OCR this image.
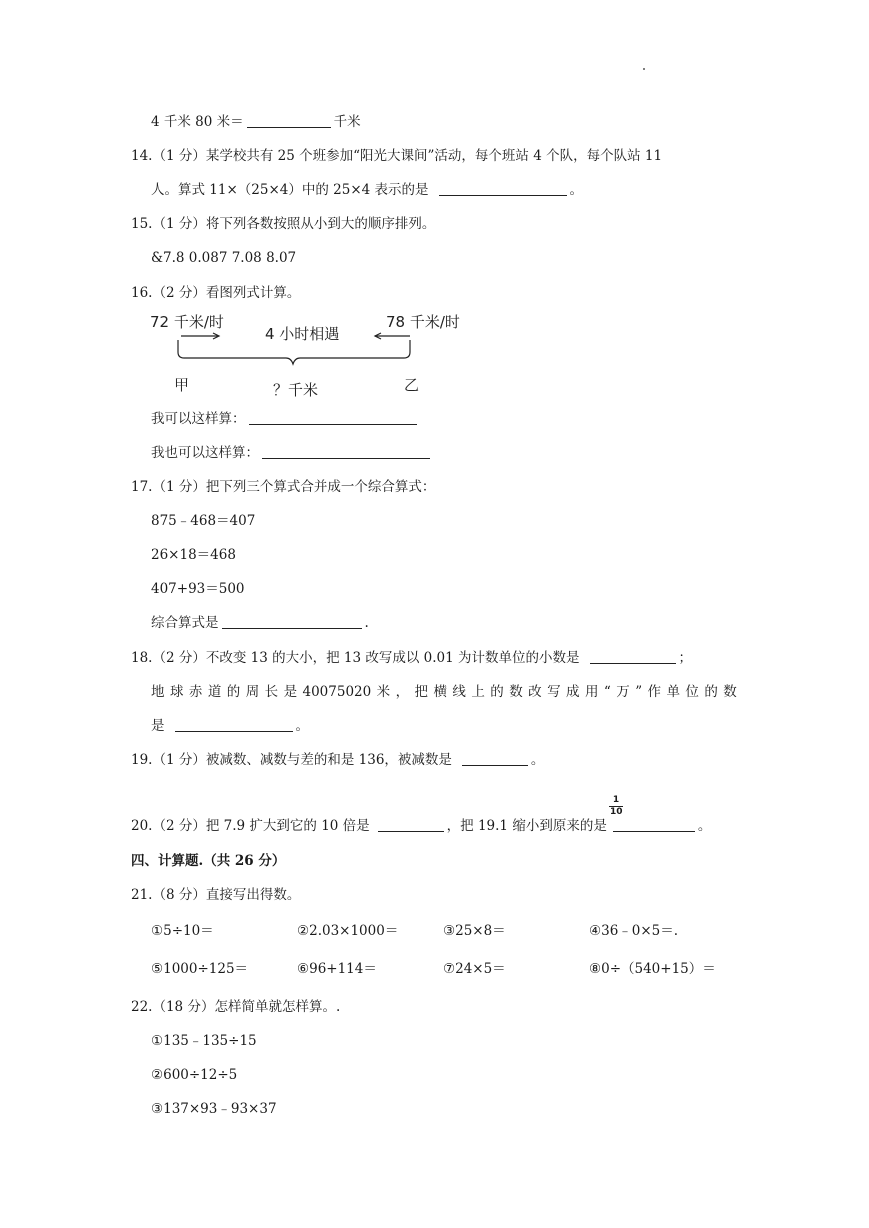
4 千米 80 米＝	千米
14.（1 分）某学校共有 25 个班参加“阳光大课间”活动，每个班站 4 个队，每个队站 11
人。算式 11×（25×4）中的 25×4 表示的是	。
15.（1 分）将下列各数按照从小到大的顺序排列。
&7.8 0.087 7.08 8.07
16.（2 分）看图列式计算。
72 千米/时
4 小时相遇
78 千米/时
甲	？千米	乙
我可以这样算：
我也可以这样算：
17.（1 分）把下列三个算式合并成一个综合算式：
875﹣468＝407
26×18＝468
407+93＝500
综合算式是	.
18.（2 分）不改变 13 的大小，把 13 改写成以 0.01 为计数单位的小数是	；
地 球 赤 道 的 周 长 是 40075020 米 ， 把 横 线 上 的 数 改 写 成 用 “ 万 ” 作 单 位 的 数
是	。
19.（1 分）被减数、减数与差的和是 136，被减数是	。
20.（2 分）把 7.9 扩大到它的 10 倍是	，把 19.1 缩小到原来的是	。
1
10
四、计算题.（共 26 分）
21.（8 分）直接写出得数。
①5÷10＝	②2.03×1000＝	③25×8＝	④36﹣0×5＝.
⑤1000÷125＝	⑥96+114＝	⑦24×5＝	⑧0÷（540+15）＝
22.（18 分）怎样简单就怎样算。.
①135﹣135÷15
②600÷12÷5
③137×93﹣93×37
